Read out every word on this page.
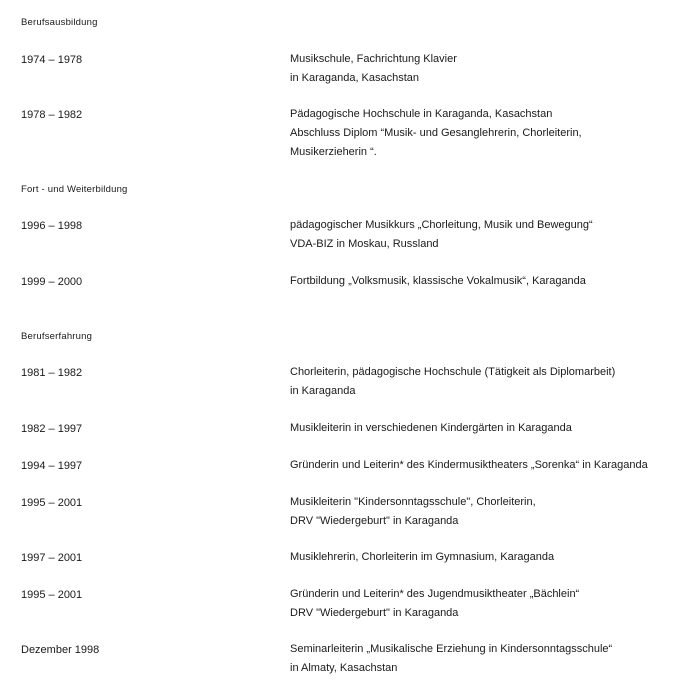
Berufsausbildung
1974 – 1978	Musikschule, Fachrichtung Klavier
in Karaganda, Kasachstan
1978 – 1982	Pädagogische Hochschule in Karaganda, Kasachstan
Abschluss Diplom “Musik- und Gesanglehrerin, Chorleiterin,
Musikerzieherin “.
Fort - und Weiterbildung
1996 – 1998	pädagogischer Musikkurs „Chorleitung, Musik und Bewegung“
VDA-BIZ in Moskau, Russland
1999 – 2000	Fortbildung „Volksmusik, klassische Vokalmusik“, Karaganda
Berufserfahrung
1981 – 1982	Chorleiterin, pädagogische Hochschule (Tätigkeit als Diplomarbeit)
in Karaganda
1982 – 1997	Musikleiterin in verschiedenen Kindergärten in Karaganda
1994 – 1997	Gründerin und Leiterin* des Kindermusiktheaters „Sorenka“ in Karaganda
1995 – 2001	Musikleiterin "Kindersonntagsschule", Chorleiterin,
DRV "Wiedergeburt" in Karaganda
1997 – 2001	Musiklehrerin, Chorleiterin im Gymnasium, Karaganda
1995 – 2001	Gründerin und Leiterin* des Jugendmusiktheater „Bächlein“
DRV "Wiedergeburt" in Karaganda
Dezember 1998	Seminarleiterin „Musikalische Erziehung in Kindersonntagsschule“
in Almaty, Kasachstan
